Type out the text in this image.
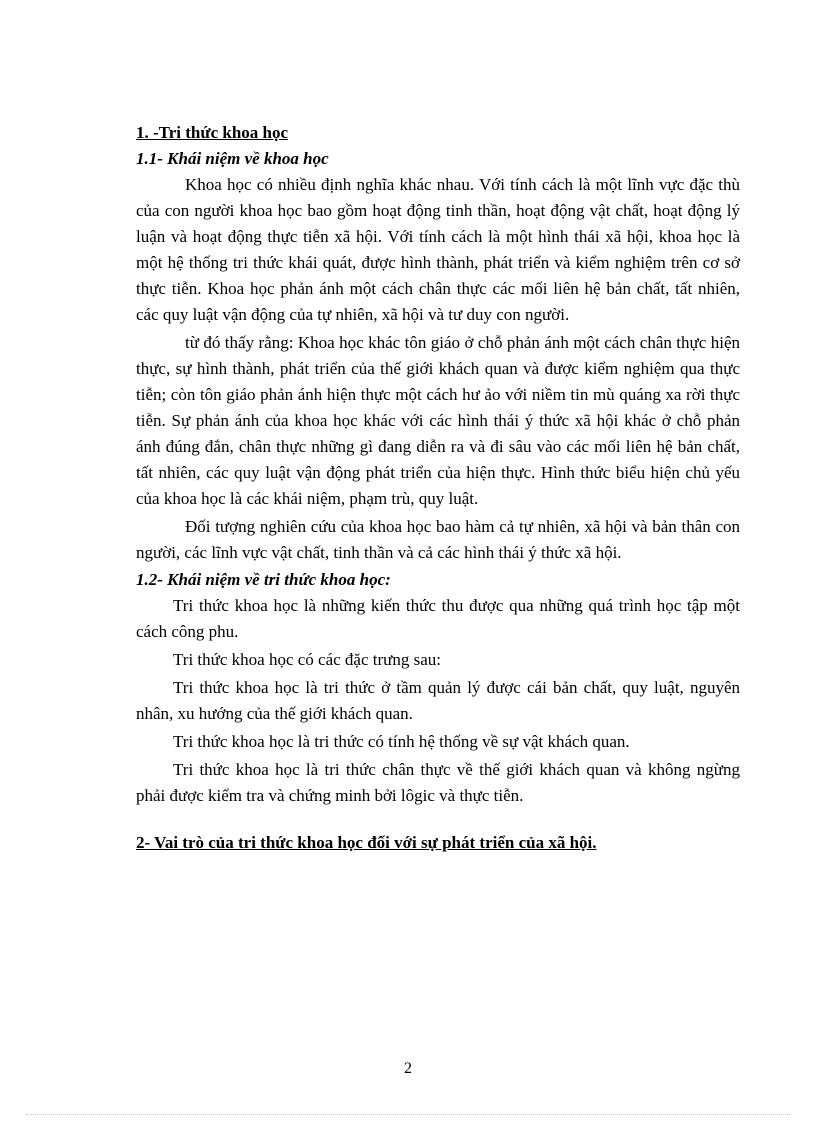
1. -Tri thức khoa học
1.1- Khái niệm về khoa học

Khoa học có nhiều định nghĩa khác nhau. Với tính cách là một lĩnh vực đặc thù của con người khoa học bao gồm hoạt động tinh thần, hoạt động vật chất, hoạt động lý luận và hoạt động thực tiễn xã hội. Với tính cách là một hình thái xã hội, khoa học là một hệ thống tri thức khái quát, được hình thành, phát triển và kiểm nghiệm trên cơ sở thực tiễn. Khoa học phản ánh một cách chân thực các mối liên hệ bản chất, tất nhiên, các quy luật vận động của tự nhiên, xã hội và tư duy con người.

từ đó thấy rằng: Khoa học khác tôn giáo ở chỗ phản ánh một cách chân thực hiện thực, sự hình thành, phát triển của thế giới khách quan và được kiểm nghiệm qua thực tiễn; còn tôn giáo phản ánh hiện thực một cách hư ảo với niềm tin mù quáng xa rời thực tiễn. Sự phản ánh của khoa học khác với các hình thái ý thức xã hội khác ở chỗ phản ánh đúng đắn, chân thực những gì đang diễn ra và đi sâu vào các mối liên hệ bản chất, tất nhiên, các quy luật vận động phát triển của hiện thực. Hình thức biểu hiện chủ yếu của khoa học là các khái niệm, phạm trù, quy luật.

Đối tượng nghiên cứu của khoa học bao hàm cả tự nhiên, xã hội và bản thân con người, các lĩnh vực vật chất, tinh thần và cả các hình thái ý thức xã hội.

1.2- Khái niệm về tri thức khoa học:

Tri thức khoa học là những kiến thức thu được qua những quá trình học tập một cách công phu.

Tri thức khoa học có các đặc trưng sau:

Tri thức khoa học là tri thức ở tầm quản lý được cái bản chất, quy luật, nguyên nhân, xu hướng của thế giới khách quan.

Tri thức khoa học là tri thức có tính hệ thống về sự vật khách quan.

Tri thức khoa học là tri thức chân thực về thế giới khách quan và không ngừng phải được kiểm tra và chứng minh bởi lôgic và thực tiễn.

2- Vai trò của tri thức khoa học đối với sự phát triển của xã hội.
2
